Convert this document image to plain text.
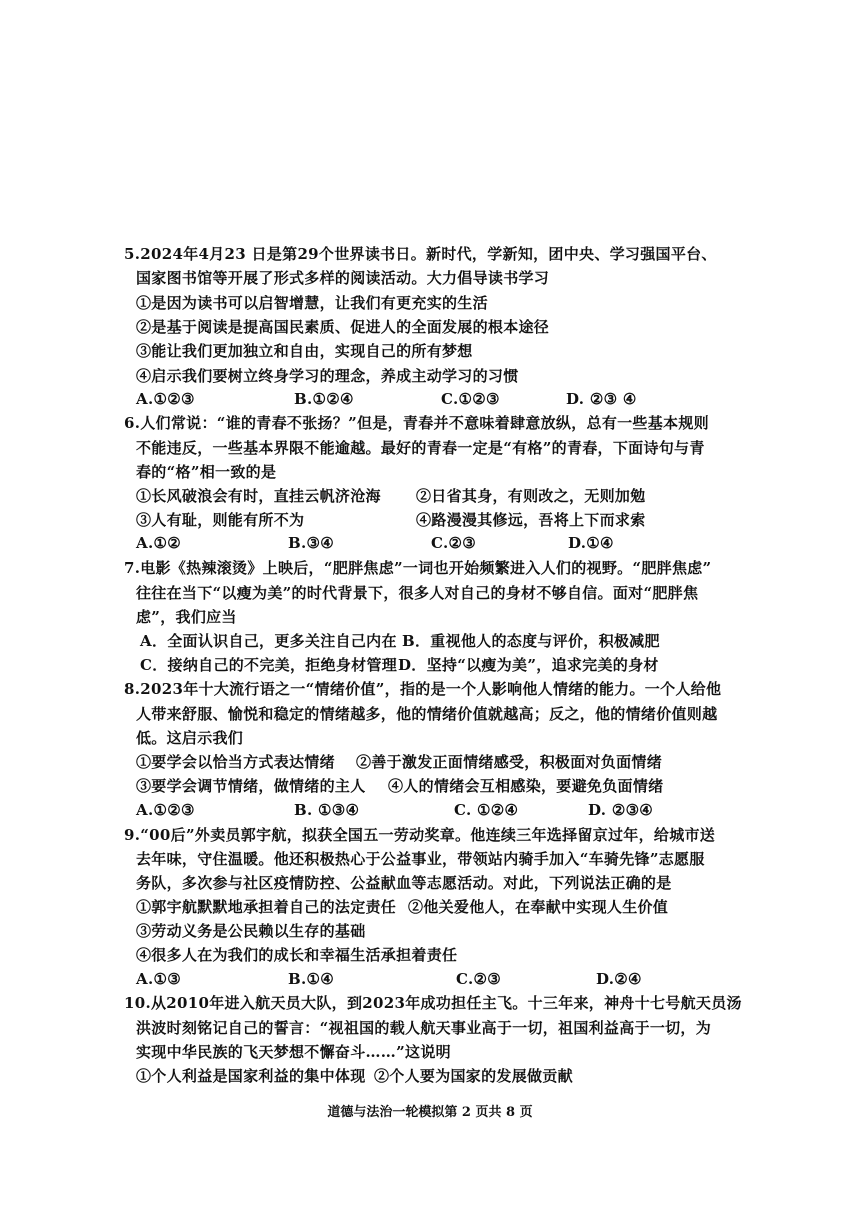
5.2024年4月23 日是第29个世界读书日。新时代，学新知，团中央、学习强国平台、
国家图书馆等开展了形式多样的阅读活动。大力倡导读书学习
①是因为读书可以启智增慧，让我们有更充实的生活
②是基于阅读是提高国民素质、促进人的全面发展的根本途径
③能让我们更加独立和自由，实现自己的所有梦想
④启示我们要树立终身学习的理念，养成主动学习的习惯
A.①②③	B.①②④	C.①②③	D. ②③ ④
6.人们常说：“谁的青春不张扬？”但是，青春并不意味着肆意放纵，总有一些基本规则
不能违反，一些基本界限不能逾越。最好的青春一定是“有格”的青春，下面诗句与青
春的“格”相一致的是
①长风破浪会有时，直挂云帆济沧海 ②日省其身，有则改之，无则加勉
③人有耻，则能有所不为	④路漫漫其修远，吾将上下而求索
A.①②	B.③④	C.②③	D.①④
7.电影《热辣滚烫》上映后，“肥胖焦虑”一词也开始频繁进入人们的视野。“肥胖焦虑”
往往在当下“以瘦为美”的时代背景下，很多人对自己的身材不够自信。面对“肥胖焦
虑”，我们应当
A．全面认识自己，更多关注自己内在 B．重视他人的态度与评价，积极减肥
C．接纳自己的不完美，拒绝身材管理 D．坚持“以瘦为美”，追求完美的身材
8.2023年十大流行语之一“情绪价值”，指的是一个人影响他人情绪的能力。一个人给他
人带来舒服、愉悦和稳定的情绪越多，他的情绪价值就越高；反之，他的情绪价值则越
低。这启示我们
①要学会以恰当方式表达情绪 ②善于激发正面情绪感受，积极面对负面情绪
③要学会调节情绪，做情绪的主人 ④人的情绪会互相感染，要避免负面情绪
A.①②③	B. ①③④	C. ①②④	D. ②③④
9.“00后”外卖员郭宇航，拟获全国五一劳动奖章。他连续三年选择留京过年，给城市送
去年味，守住温暖。他还积极热心于公益事业，带领站内骑手加入“车骑先锋”志愿服
务队，多次参与社区疫情防控、公益献血等志愿活动。对此，下列说法正确的是
①郭宇航默默地承担着自己的法定责任 ②他关爱他人，在奉献中实现人生价值
③劳动义务是公民赖以生存的基础
④很多人在为我们的成长和幸福生活承担着责任
A.①③	B.①④	C.②③	D.②④
10.从2010年进入航天员大队，到2023年成功担任主飞。十三年来，神舟十七号航天员汤
洪波时刻铭记自己的誓言：“视祖国的载人航天事业高于一切，祖国利益高于一切，为
实现中华民族的飞天梦想不懈奋斗……”这说明
①个人利益是国家利益的集中体现 ②个人要为国家的发展做贡献
道德与法治一轮模拟第 2 页共 8 页
